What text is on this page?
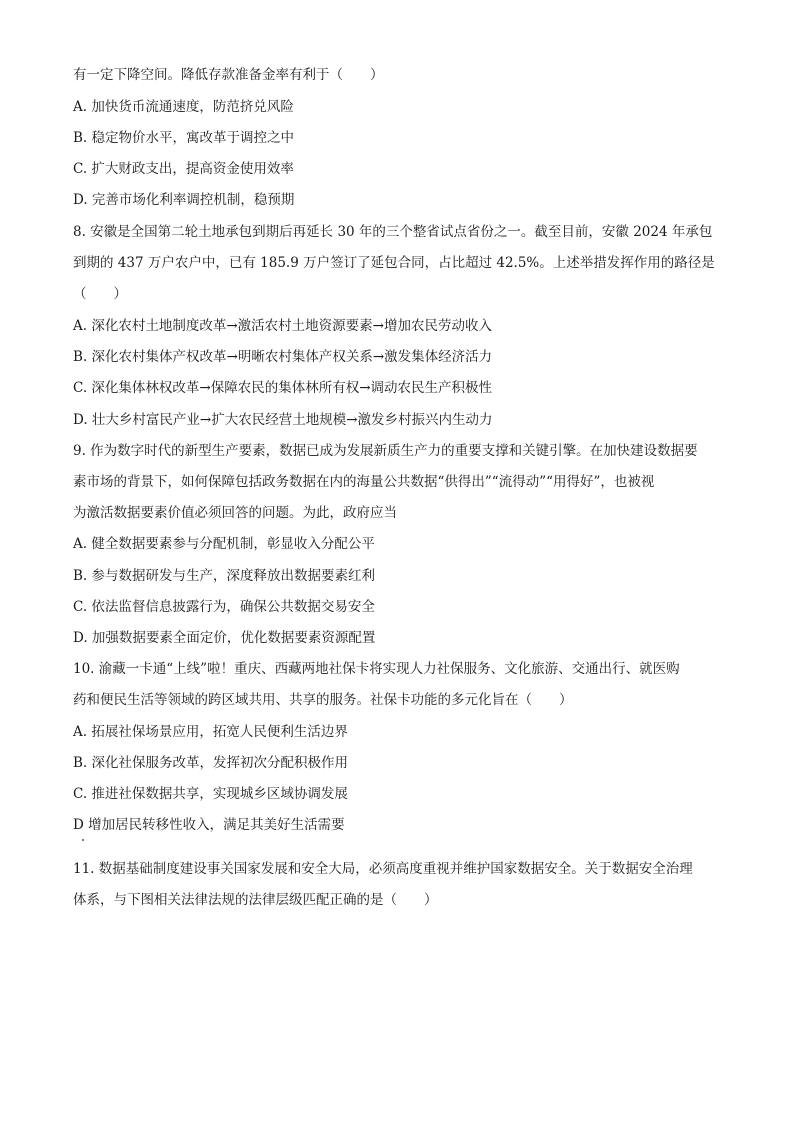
有一定下降空间。降低存款准备金率有利于（　　）
A. 加快货币流通速度，防范挤兑风险
B. 稳定物价水平，寓改革于调控之中
C. 扩大财政支出，提高资金使用效率
D. 完善市场化利率调控机制，稳预期
8. 安徽是全国第二轮土地承包到期后再延长 30 年的三个整省试点省份之一。截至目前，安徽 2024 年承包
到期的 437 万户农户中，已有 185.9 万户签订了延包合同，占比超过 42.5%。上述举措发挥作用的路径是
（　　）
A. 深化农村土地制度改革→激活农村土地资源要素→增加农民劳动收入
B. 深化农村集体产权改革→明晰农村集体产权关系→激发集体经济活力
C. 深化集体林权改革→保障农民的集体林所有权→调动农民生产积极性
D. 壮大乡村富民产业→扩大农民经营土地规模→激发乡村振兴内生动力
9. 作为数字时代的新型生产要素，数据已成为发展新质生产力的重要支撑和关键引擎。在加快建设数据要
素市场的背景下，如何保障包括政务数据在内的海量公共数据“供得出”“流得动”“用得好”，也被视
为激活数据要素价值必须回答的问题。为此，政府应当
A. 健全数据要素参与分配机制，彰显收入分配公平
B. 参与数据研发与生产，深度释放出数据要素红利
C. 依法监督信息披露行为，确保公共数据交易安全
D. 加强数据要素全面定价，优化数据要素资源配置
10. 渝藏一卡通“上线”啦！重庆、西藏两地社保卡将实现人力社保服务、文化旅游、交通出行、就医购
药和便民生活等领域的跨区域共用、共享的服务。社保卡功能的多元化旨在（　　）
A. 拓展社保场景应用，拓宽人民便利生活边界
B. 深化社保服务改革，发挥初次分配积极作用
C. 推进社保数据共享，实现城乡区域协调发展
D 增加居民转移性收入，满足其美好生活需要
11. 数据基础制度建设事关国家发展和安全大局，必须高度重视并维护国家数据安全。关于数据安全治理
体系，与下图相关法律法规的法律层级匹配正确的是（　　）
